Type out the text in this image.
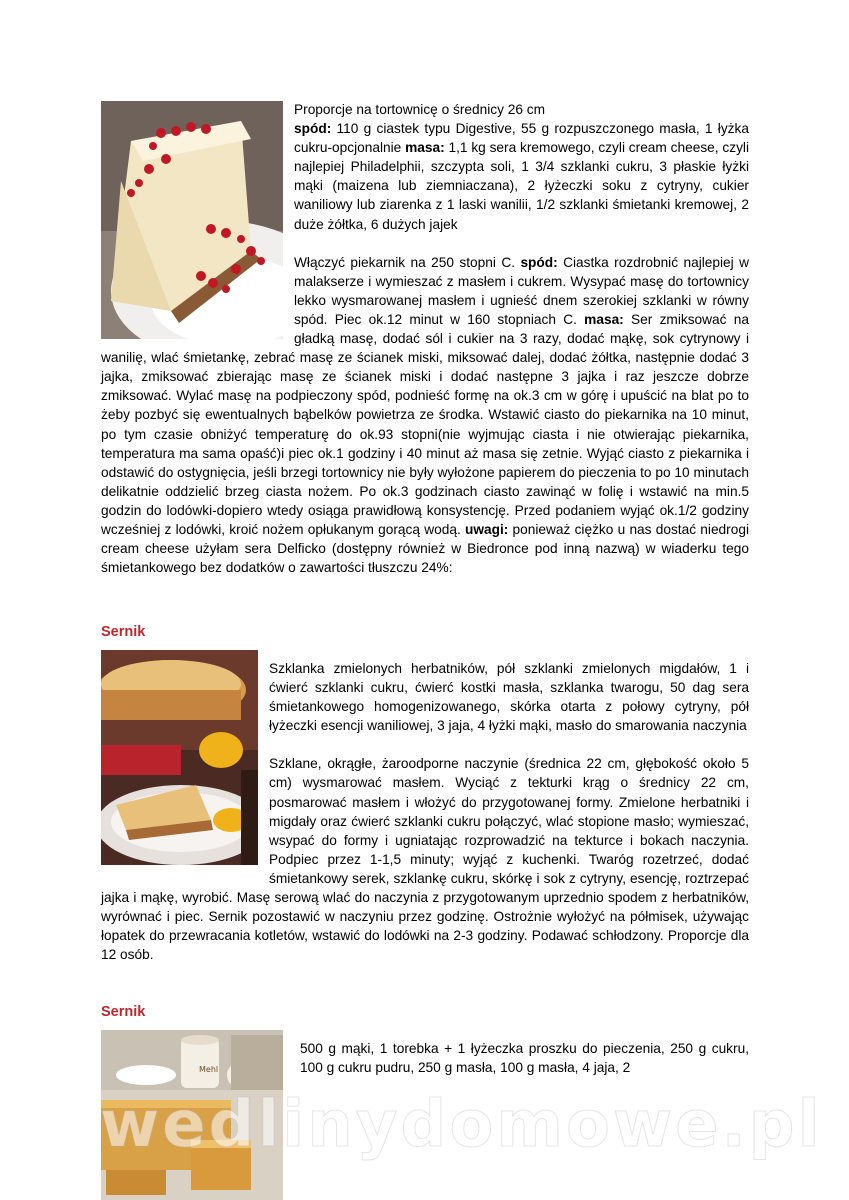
©dziunis

Proporcje na tortownicę o średnicy 26 cm
spód: 110 g ciastek typu Digestive, 55 g rozpuszczonego masła, 1 łyżka cukru-opcjonalnie masa: 1,1 kg sera kremowego, czyli cream cheese, czyli najlepiej Philadelphii, szczypta soli, 1 3/4 szklanki cukru, 3 płaskie łyżki mąki (maizena lub ziemniaczana), 2 łyżeczki soku z cytryny, cukier waniliowy lub ziarenka z 1 laski wanilii, 1/2 szklanki śmietanki kremowej, 2 duże żółtka, 6 dużych jajek

Włączyć piekarnik na 250 stopni C. spód: Ciastka rozdrobnić najlepiej w malakserze i wymieszać z masłem i cukrem. Wysypać masę do tortownicy lekko wysmarowanej masłem i ugnieść dnem szerokiej szklanki w równy spód. Piec ok.12 minut w 160 stopniach C. masa: Ser zmiksować na gładką masę, dodać sól i cukier na 3 razy, dodać mąkę, sok cytrynowy i wanilię, wlać śmietankę, zebrać masę ze ścianek miski, miksować dalej, dodać żółtka, następnie dodać 3 jajka, zmiksować zbierając masę ze ścianek miski i dodać następne 3 jajka i raz jeszcze dobrze zmiksować. Wylać masę na podpieczony spód, podnieść formę na ok.3 cm w górę i upuścić na blat po to żeby pozbyć się ewentualnych bąbelków powietrza ze środka. Wstawić ciasto do piekarnika na 10 minut, po tym czasie obniżyć temperaturę do ok.93 stopni(nie wyjmując ciasta i nie otwierając piekarnika, temperatura ma sama opaść)i piec ok.1 godziny i 40 minut aż masa się zetnie. Wyjąć ciasto z piekarnika i odstawić do ostygnięcia, jeśli brzegi tortownicy nie były wyłożone papierem do pieczenia to po 10 minutach delikatnie oddzielić brzeg ciasta nożem. Po ok.3 godzinach ciasto zawinąć w folię i wstawić na min.5 godzin do lodówki-dopiero wtedy osiąga prawidłową konsystencję. Przed podaniem wyjąć ok.1/2 godziny wcześniej z lodówki, kroić nożem opłukanym gorącą wodą. uwagi: ponieważ ciężko u nas dostać niedrogi cream cheese użyłam sera Delficko (dostępny również w Biedronce pod inną nazwą) w wiaderku tego śmietankowego bez dodatków o zawartości tłuszczu 24%:

Sernik

Szklanka zmielonych herbatników, pół szklanki zmielonych migdałów, 1 i ćwierć szklanki cukru, ćwierć kostki masła, szklanka twarogu, 50 dag sera śmietankowego homogenizowanego, skórka otarta z połowy cytryny, pół łyżeczki esencji waniliowej, 3 jaja, 4 łyżki mąki, masło do smarowania naczynia

Szklane, okrągłe, żaroodporne naczynie (średnica 22 cm, głębokość około 5 cm) wysmarować masłem. Wyciąć z tekturki krąg o średnicy 22 cm, posmarować masłem i włożyć do przygotowanej formy. Zmielone herbatniki i migdały oraz ćwierć szklanki cukru połączyć, wlać stopione masło; wymieszać, wsypać do formy i ugniatając rozprowadzić na tekturce i bokach naczynia. Podpiec przez 1-1,5 minuty; wyjąć z kuchenki. Twaróg rozetrzeć, dodać śmietankowy serek, szklankę cukru, skórkę i sok z cytryny, esencję, roztrzepać jajka i mąkę, wyrobić. Masę serową wlać do naczynia z przygotowanym uprzednio spodem z herbatników, wyrównać i piec. Sernik pozostawić w naczyniu przez godzinę. Ostrożnie wyłożyć na półmisek, używając łopatek do przewracania kotletów, wstawić do lodówki na 2-3 godziny. Podawać schłodzony. Proporcje dla 12 osób.

Sernik
Mehl

500 g mąki, 1 torebka + 1 łyżeczka proszku do pieczenia, 250 g cukru, 100 g cukru pudru, 250 g masła, 100 g masła, 4 jaja, 2

wedlinydomowe.pl
